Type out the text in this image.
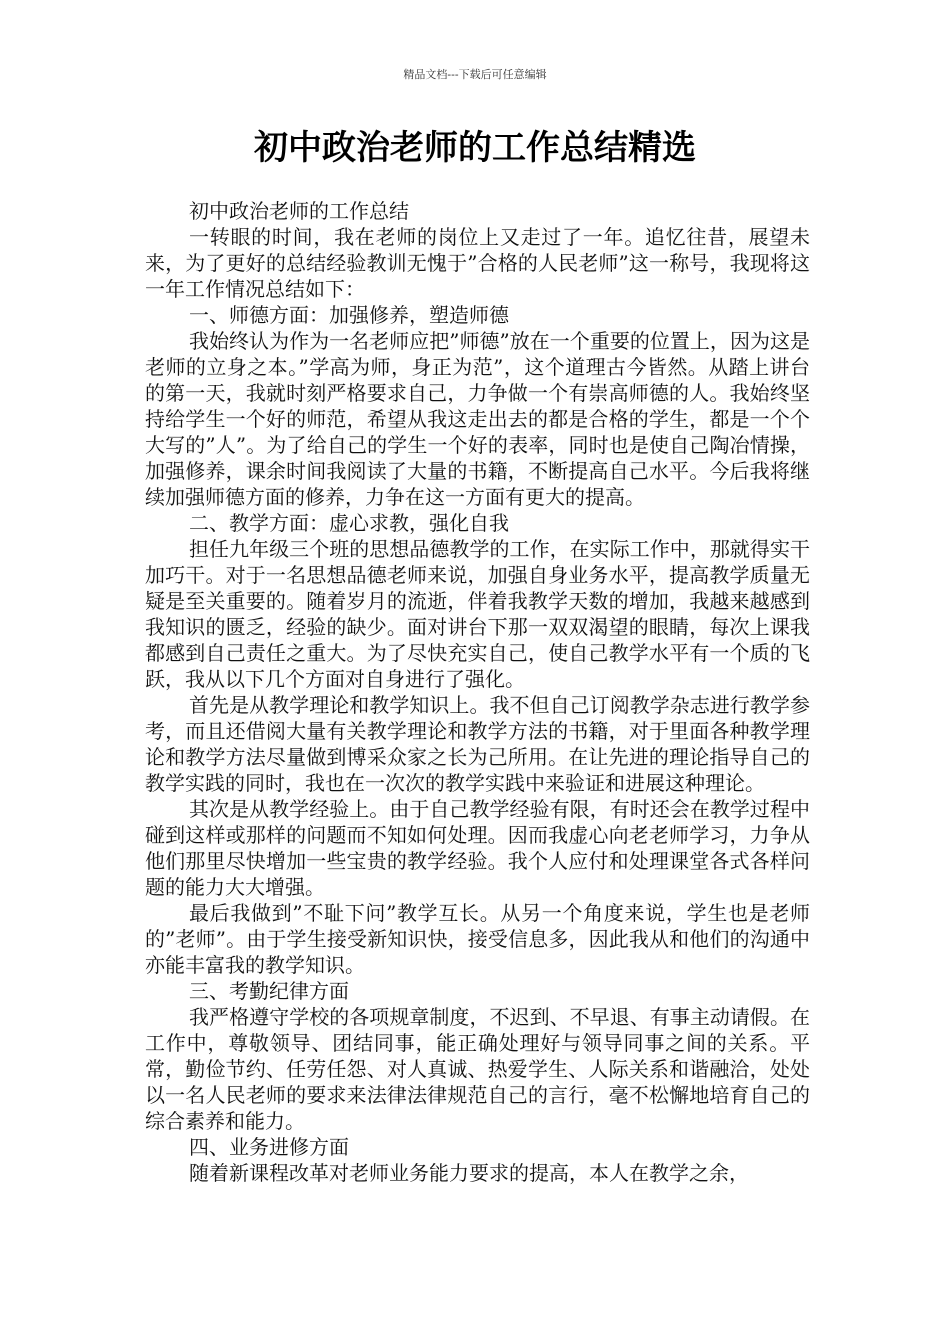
精品文档---下载后可任意编辑
初中政治老师的工作总结精选

初中政治老师的工作总结

一转眼的时间，我在老师的岗位上又走过了一年。追忆往昔，展望未来，为了更好的总结经验教训无愧于”合格的人民老师”这一称号，我现将这一年工作情况总结如下：

一、师德方面：加强修养，塑造师德

我始终认为作为一名老师应把”师德”放在一个重要的位置上，因为这是老师的立身之本。”学高为师，身正为范”，这个道理古今皆然。从踏上讲台的第一天，我就时刻严格要求自己，力争做一个有崇高师德的人。我始终坚持给学生一个好的师范，希望从我这走出去的都是合格的学生，都是一个个大写的”人”。为了给自己的学生一个好的表率，同时也是使自己陶冶情操，加强修养，课余时间我阅读了大量的书籍，不断提高自己水平。今后我将继续加强师德方面的修养，力争在这一方面有更大的提高。

二、教学方面：虚心求教，强化自我

担任九年级三个班的思想品德教学的工作，在实际工作中，那就得实干加巧干。对于一名思想品德老师来说，加强自身业务水平，提高教学质量无疑是至关重要的。随着岁月的流逝，伴着我教学天数的增加，我越来越感到我知识的匮乏，经验的缺少。面对讲台下那一双双渴望的眼睛，每次上课我都感到自己责任之重大。为了尽快充实自己，使自己教学水平有一个质的飞跃，我从以下几个方面对自身进行了强化。

首先是从教学理论和教学知识上。我不但自己订阅教学杂志进行教学参考，而且还借阅大量有关教学理论和教学方法的书籍，对于里面各种教学理论和教学方法尽量做到博采众家之长为己所用。在让先进的理论指导自己的教学实践的同时，我也在一次次的教学实践中来验证和进展这种理论。

其次是从教学经验上。由于自己教学经验有限，有时还会在教学过程中碰到这样或那样的问题而不知如何处理。因而我虚心向老老师学习，力争从他们那里尽快增加一些宝贵的教学经验。我个人应付和处理课堂各式各样问题的能力大大增强。

最后我做到”不耻下问”教学互长。从另一个角度来说，学生也是老师的”老师”。由于学生接受新知识快，接受信息多，因此我从和他们的沟通中亦能丰富我的教学知识。

三、考勤纪律方面

我严格遵守学校的各项规章制度，不迟到、不早退、有事主动请假。在工作中，尊敬领导、团结同事，能正确处理好与领导同事之间的关系。平常，勤俭节约、任劳任怨、对人真诚、热爱学生、人际关系和谐融洽，处处以一名人民老师的要求来法律法律规范自己的言行，毫不松懈地培育自己的综合素养和能力。

四、业务进修方面

随着新课程改革对老师业务能力要求的提高，本人在教学之余，
